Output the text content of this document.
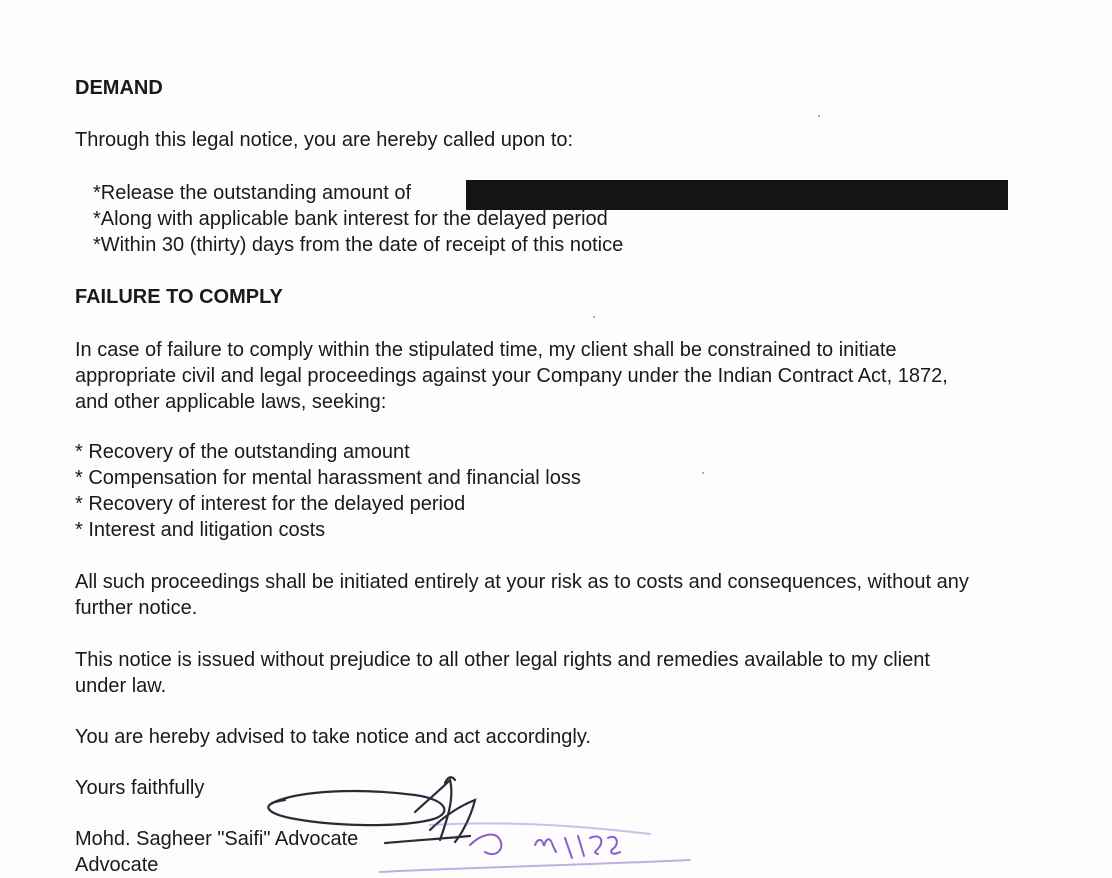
DEMAND
Through this legal notice, you are hereby called upon to:
*Release the outstanding amount of
*Along with applicable bank interest for the delayed period
*Within 30 (thirty) days from the date of receipt of this notice
FAILURE TO COMPLY
In case of failure to comply within the stipulated time, my client shall be constrained to initiate
appropriate civil and legal proceedings against your Company under the Indian Contract Act, 1872,
and other applicable laws, seeking:
* Recovery of the outstanding amount
* Compensation for mental harassment and financial loss
* Recovery of interest for the delayed period
* Interest and litigation costs
All such proceedings shall be initiated entirely at your risk as to costs and consequences, without any
further notice.
This notice is issued without prejudice to all other legal rights and remedies available to my client
under law.
You are hereby advised to take notice and act accordingly.
Yours faithfully
Mohd. Sagheer "Saifi" Advocate
Advocate
